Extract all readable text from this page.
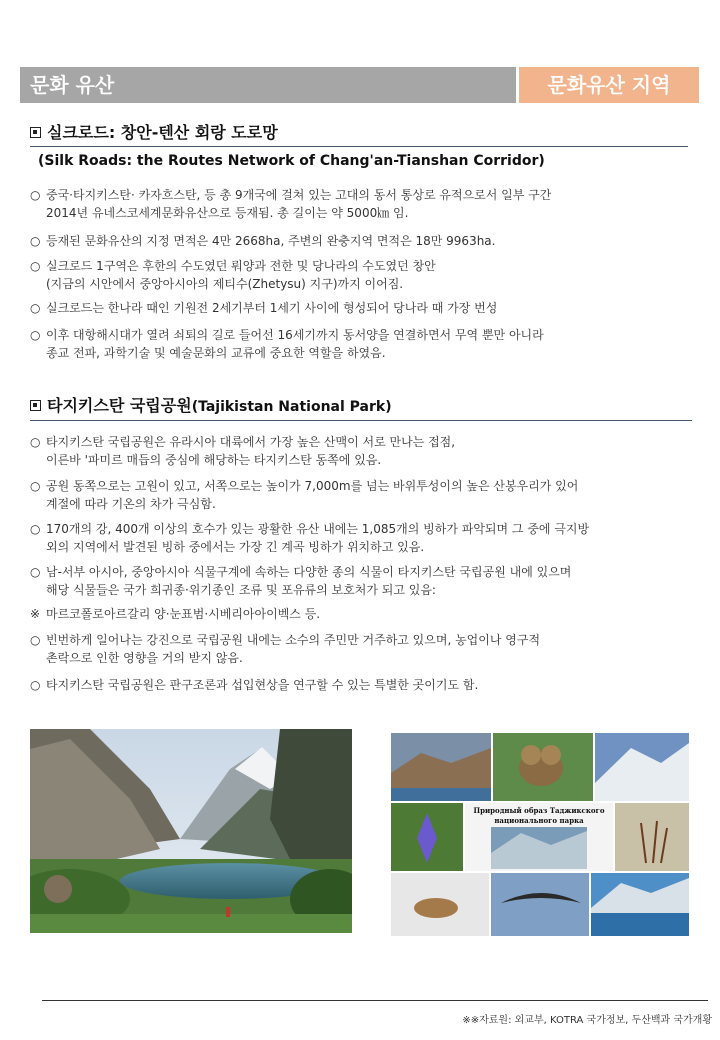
문화 유산	문화유산 지역
실크로드: 창안-텐산 회랑 도로망
(Silk Roads: the Routes Network of Chang'an-Tianshan Corridor)
○ 중국·타지키스탄· 카자흐스탄, 등 총 9개국에 걸쳐 있는 고대의 동서 통상로 유적으로서 일부 구간
2014년 유네스코세계문화유산으로 등재됨. 총 길이는 약 5000㎞ 임.
○ 등재된 문화유산의 지정 면적은 4만 2668ha, 주변의 완충지역 면적은 18만 9963ha.
○ 실크로드 1구역은 후한의 수도였던 뤄양과 전한 및 당나라의 수도였던 창안
(지금의 시안에서 중앙아시아의 제티수(Zhetysu) 지구)까지 이어짐.
○ 실크로드는 한나라 때인 기원전 2세기부터 1세기 사이에 형성되어 당나라 때 가장 번성
○ 이후 대항해시대가 열려 쇠퇴의 길로 들어선 16세기까지 동서양을 연결하면서 무역 뿐만 아니라
종교 전파, 과학기술 및 예술문화의 교류에 중요한 역할을 하였음.
타지키스탄 국립공원(Tajikistan National Park)
○ 타지키스탄 국립공원은 유라시아 대륙에서 가장 높은 산맥이 서로 만나는 접점,
이른바 '파미르 매듭의 중심에 해당하는 타지키스탄 동쪽에 있음.
○ 공원 동쪽으로는 고원이 있고, 서쪽으로는 높이가 7,000m를 넘는 바위투성이의 높은 산봉우리가 있어
계절에 따라 기온의 차가 극심함.
○ 170개의 강, 400개 이상의 호수가 있는 광활한 유산 내에는 1,085개의 빙하가 파악되며 그 중에 극지방
외의 지역에서 발견된 빙하 중에서는 가장 긴 계곡 빙하가 위치하고 있음.
○ 남-서부 아시아, 중앙아시아 식물구계에 속하는 다양한 종의 식물이 타지키스탄 국립공원 내에 있으며
해당 식물들은 국가 희귀종·위기종인 조류 및 포유류의 보호처가 되고 있음:
※ 마르코폴로아르갈리 양·눈표범·시베리아아이벡스 등.
○ 빈번하게 일어나는 강진으로 국립공원 내에는 소수의 주민만 거주하고 있으며, 농업이나 영구적
촌락으로 인한 영향을 거의 받지 않음.
○ 타지키스탄 국립공원은 판구조론과 섭입현상을 연구할 수 있는 특별한 곳이기도 함.
Природный образ Таджикского
национального парка
※※자료원: 외교부, KOTRA 국가정보, 두산백과 국가개황
